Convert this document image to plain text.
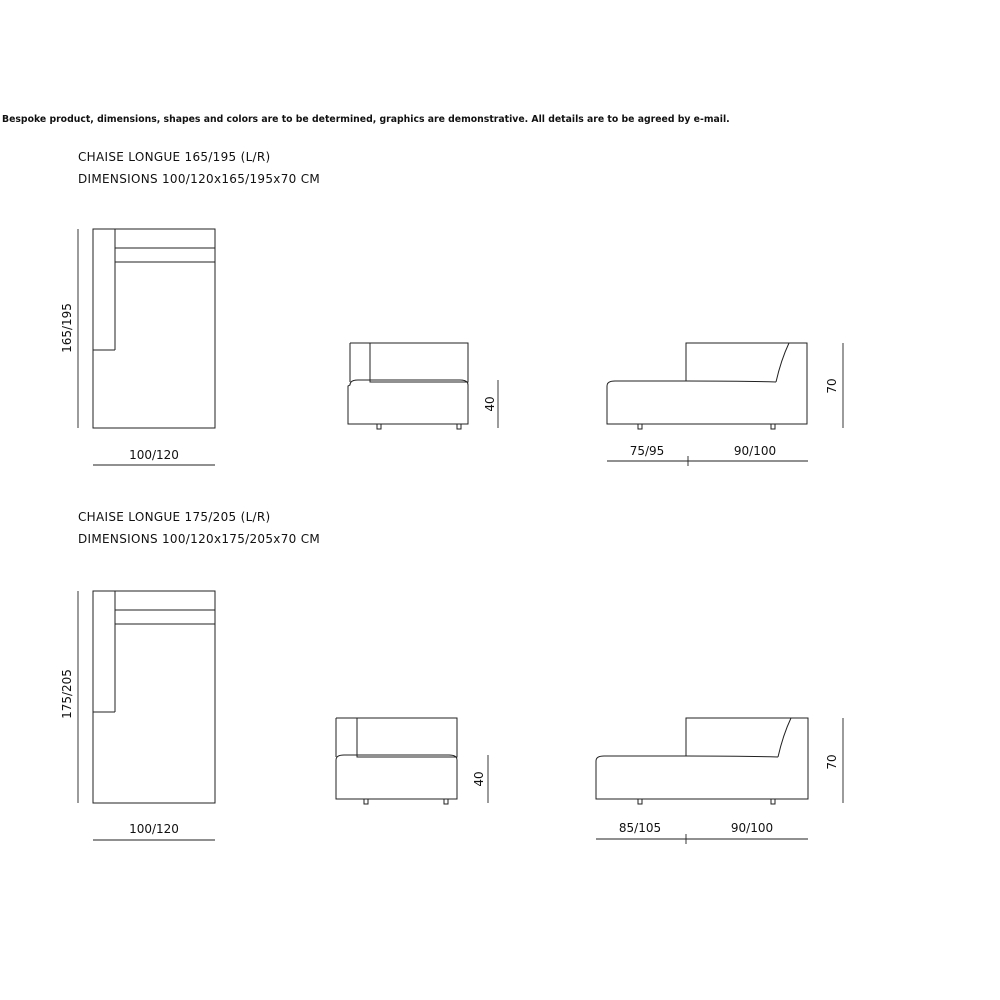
Bespoke product, dimensions, shapes and colors are to be determined, graphics are demonstrative. All details are to be agreed by e-mail.
CHAISE LONGUE 165/195 (L/R)
DIMENSIONS 100/120x165/195x70 CM
CHAISE LONGUE 175/205 (L/R)
DIMENSIONS 100/120x175/205x70 CM
165/195
100/120
40
70
75/95	90/100
175/205
100/120
40
70
85/105	90/100
